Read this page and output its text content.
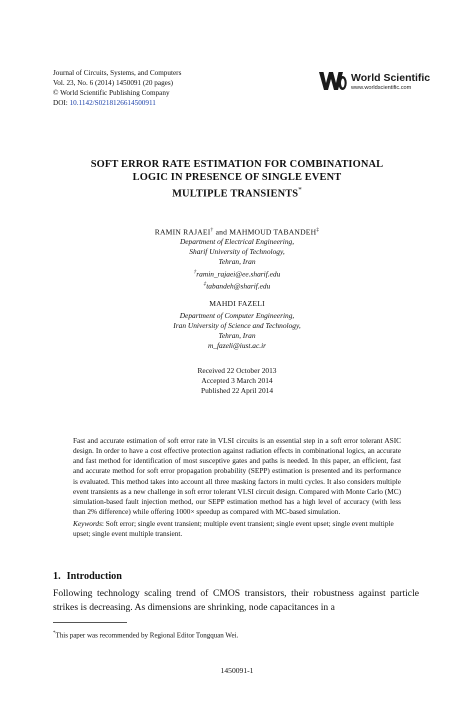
Journal of Circuits, Systems, and Computers
Vol. 23, No. 6 (2014) 1450091 (20 pages)
© World Scientific Publishing Company
DOI: 10.1142/S0218126614500911
World Scientific
www.worldscientific.com
SOFT ERROR RATE ESTIMATION FOR COMBINATIONAL
LOGIC IN PRESENCE OF SINGLE EVENT
MULTIPLE TRANSIENTS*
RAMIN RAJAEI† and MAHMOUD TABANDEH‡
Department of Electrical Engineering,
Sharif University of Technology,
Tehran, Iran
†ramin_rajaei@ee.sharif.edu
‡tabandeh@sharif.edu
MAHDI FAZELI
Department of Computer Engineering,
Iran University of Science and Technology,
Tehran, Iran
m_fazeli@iust.ac.ir
Received 22 October 2013
Accepted 3 March 2014
Published 22 April 2014
Fast and accurate estimation of soft error rate in VLSI circuits is an essential step in a soft error tolerant ASIC design. In order to have a cost effective protection against radiation effects in combinational logics, an accurate and fast method for identification of most susceptive gates and paths is needed. In this paper, an efficient, fast and accurate method for soft error propagation probability (SEPP) estimation is presented and its performance is evaluated. This method takes into account all three masking factors in multi cycles. It also considers multiple event transients as a new challenge in soft error tolerant VLSI circuit design. Compared with Monte Carlo (MC) simulation-based fault injection method, our SEPP estimation method has a high level of accuracy (with less than 2% difference) while offering 1000× speedup as compared with MC-based simulation.
Keywords: Soft error; single event transient; multiple event transient; single event upset; single event multiple upset; single event multiple transient.
1. Introduction
Following technology scaling trend of CMOS transistors, their robustness against particle strikes is decreasing. As dimensions are shrinking, node capacitances in a
*This paper was recommended by Regional Editor Tongquan Wei.
1450091-1
